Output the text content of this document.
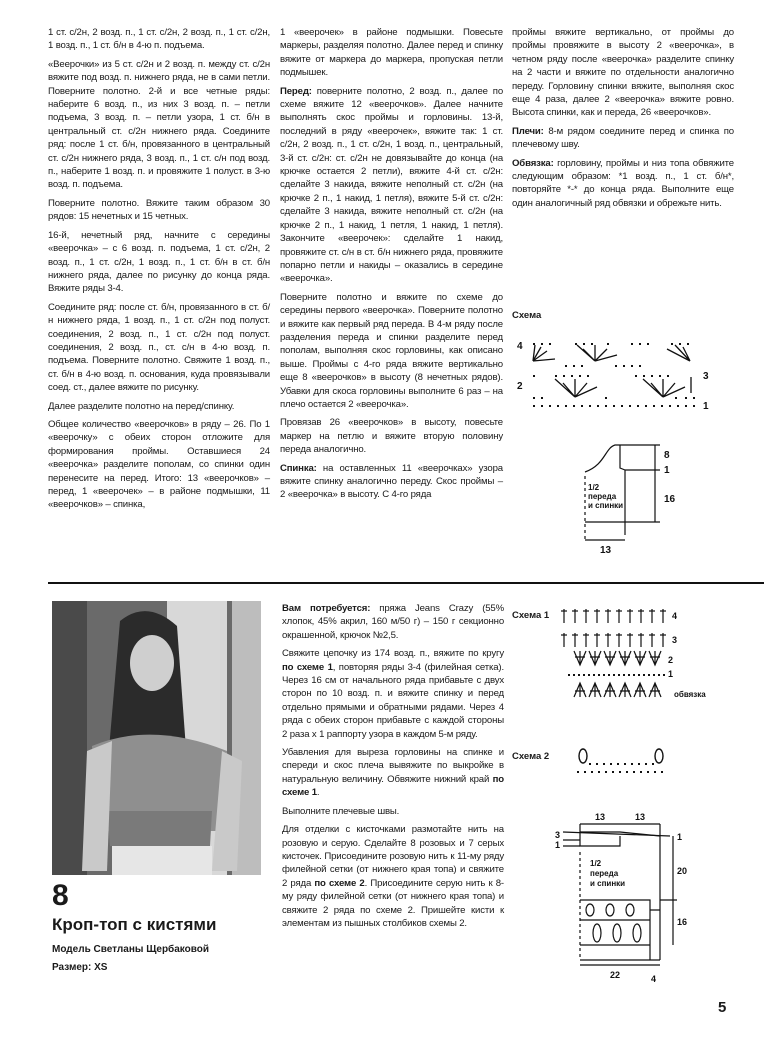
1 ст. с/2н, 2 возд. п., 1 ст. с/2н, 2 возд. п., 1 ст. с/2н, 1 возд. п., 1 ст. б/н в 4-ю п. подъема.

«Веерочки» из 5 ст. с/2н и 2 возд. п. между ст. с/2н вяжите под возд. п. нижнего ряда, не в сами петли. Поверните полотно. 2-й и все четные ряды: наберите 6 возд. п., из них 3 возд. п. – петли подъема, 3 возд. п. – петли узора, 1 ст. б/н в центральный ст. с/2н нижнего ряда. Соедините ряд: после 1 ст. б/н, провязанного в центральный ст. с/2н нижнего ряда, 3 возд. п., 1 ст. с/н под возд. п., наберите 1 возд. п. и провяжите 1 полуст. в 3-ю возд. п. подъема.

Поверните полотно. Вяжите таким образом 30 рядов: 15 нечетных и 15 четных.

16-й, нечетный ряд, начните с середины «веерочка» – с 6 возд. п. подъема, 1 ст. с/2н, 2 возд. п., 1 ст. с/2н, 1 возд. п., 1 ст. б/н в ст. б/н нижнего ряда, далее по рисунку до конца ряда. Вяжите ряды 3-4.

Соедините ряд: после ст. б/н, провязанного в ст. б/н нижнего ряда, 1 возд. п., 1 ст. с/2н под полуст. соединения, 2 возд. п., 1 ст. с/2н под полуст. соединения, 2 возд. п., ст. с/н в 4-ю возд. п. подъема. Поверните полотно. Свяжите 1 возд. п., ст. б/н в 4-ю возд. п. основания, куда провязывали соед. ст., далее вяжите по рисунку.

Далее разделите полотно на перед/спинку.

Общее количество «веерочков» в ряду – 26. По 1 «веерочку» с обеих сторон отложите для формирования проймы. Оставшиеся 24 «веерочка» разделите пополам, со спинки один перенесите на перед. Итого: 13 «веерочков» – перед, 1 «веерочек» – в районе подмышки, 11 «веерочков» – спинка,

1 «веерочек» в районе подмышки. Повесьте маркеры, разделяя полотно. Далее перед и спинку вяжите от маркера до маркера, пропуская петли подмышек.

Перед: поверните полотно, 2 возд. п., далее по схеме вяжите 12 «веерочков». Далее начните выполнять скос проймы и горловины. 13-й, последний в ряду «веерочек», вяжите так: 1 ст. с/2н, 2 возд. п., 1 ст. с/2н, 1 возд. п., центральный, 3-й ст. с/2н: ст. с/2н не довязывайте до конца (на крючке остается 2 петли), вяжите 4-й ст. с/2н: сделайте 3 накида, вяжите неполный ст. с/2н (на крючке 2 п., 1 накид, 1 петля), вяжите 5-й ст. с/2н: сделайте 3 накида, вяжите неполный ст. с/2н (на крючке 2 п., 1 накид, 1 петля, 1 накид, 1 петля). Закончите «веерочек»: сделайте 1 накид, провяжите ст. с/н в ст. б/н нижнего ряда, провяжите попарно петли и накиды – оказались в середине «веерочка».

Поверните полотно и вяжите по схеме до середины первого «веерочка». Поверните полотно и вяжите как первый ряд переда. В 4-м ряду после разделения переда и спинки разделите перед пополам, выполняя скос горловины, как описано выше. Проймы с 4-го ряда вяжите вертикально еще 8 «веерочков» в высоту (8 нечетных рядов). Убавки для скоса горловины выполните 6 раз – на плечо остается 2 «веерочка».

Провязав 26 «веерочков» в высоту, повесьте маркер на петлю и вяжите вторую половину переда аналогично.

Спинка: на оставленных 11 «веерочках» узора вяжите спинку аналогично переду. Скос проймы – 2 «веерочка» в высоту. С 4-го ряда

проймы вяжите вертикально, от проймы до проймы провяжите в высоту 2 «веерочка», в четном ряду после «веерочка» разделите спинку на 2 части и вяжите по отдельности аналогично переду. Горловину спинки вяжите, выполняя скос еще 4 раза, далее 2 «веерочка» вяжите ровно. Высота спинки, как и переда, 26 «веерочков».

Плечи: 8-м рядом соедините перед и спинка по плечевому шву.

Обвязка: горловину, проймы и низ топа обвяжите следующим образом: *1 возд. п., 1 ст. б/н*, повторяйте *-* до конца ряда. Выполните еще один аналогичный ряд обвязки и обрежьте нить.

Схема
4
2
3
1
8
1
16
13
1/2
переда
и спинки
8
Кроп-топ с кистями
Модель Светланы Щербаковой
Размер: XS

Вам потребуется: пряжа Jeans Crazy (55% хлопок, 45% акрил, 160 м/50 г) – 150 г секционно окрашенной, крючок №2,5.

Свяжите цепочку из 174 возд. п., вяжите по кругу по схеме 1, повторяя ряды 3-4 (филейная сетка). Через 16 см от начального ряда прибавьте с двух сторон по 10 возд. п. и вяжите спинку и перед отдельно прямыми и обратными рядами. Через 4 ряда с обеих сторон прибавьте с каждой стороны 2 раза х 1 раппорту узора в каждом 5-м ряду.

Убавления для выреза горловины на спинке и спереди и скос плеча вывяжите по выкройке в натуральную величину. Обвяжите нижний край по схеме 1.

Выполните плечевые швы.

Для отделки с кисточками размотайте нить на розовую и серую. Сделайте 8 розовых и 7 серых кисточек. Присоедините розовую нить к 11-му ряду филейной сетки (от нижнего края топа) и свяжите 2 ряда по схеме 2. Присоедините серую нить к 8-му ряду филейной сетки (от нижнего края топа) и свяжите 2 ряда по схеме 2. Пришейте кисти к элементам из пышных столбиков схемы 2.

Схема 1	4
3
2
1
обвязка
Схема 2
13	13
3
1
1
20
16
22	4
1/2
переда
и спинки
5
